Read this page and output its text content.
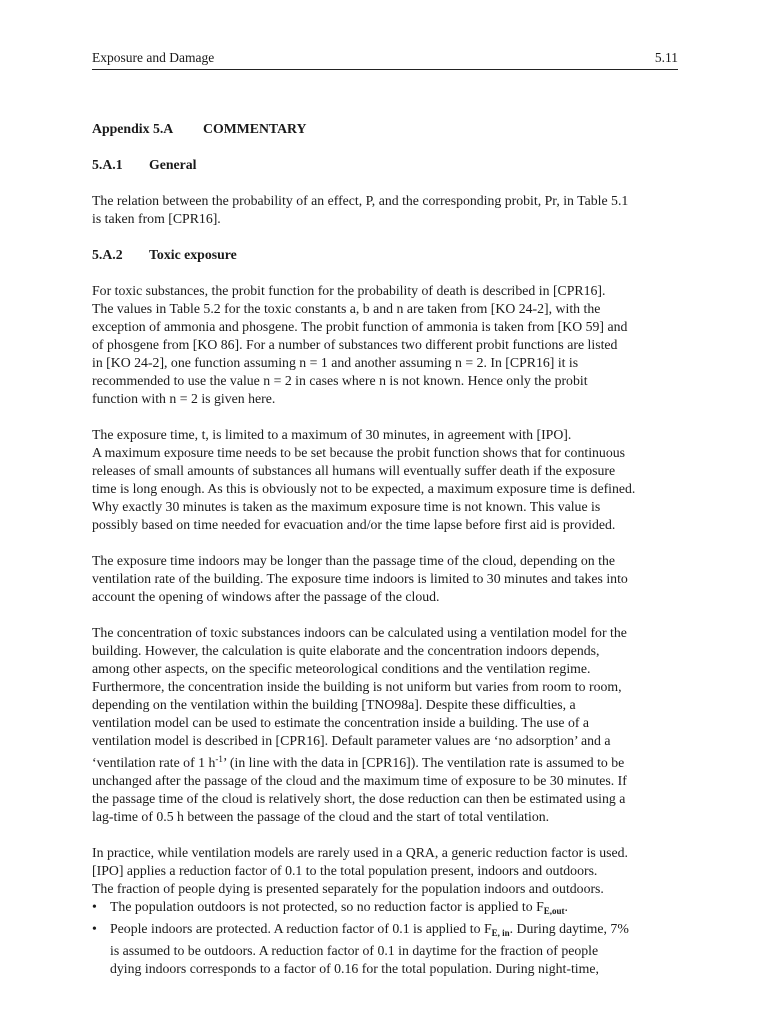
Exposure and Damage	5.11
Appendix 5.A COMMENTARY
5.A.1 General
The relation between the probability of an effect, P, and the corresponding probit, Pr, in Table 5.1
is taken from [CPR16].
5.A.2 Toxic exposure
For toxic substances, the probit function for the probability of death is described in [CPR16].
The values in Table 5.2 for the toxic constants a, b and n are taken from [KO 24-2], with the
exception of ammonia and phosgene. The probit function of ammonia is taken from [KO 59] and
of phosgene from [KO 86]. For a number of substances two different probit functions are listed
in [KO 24-2], one function assuming n = 1 and another assuming n = 2. In [CPR16] it is
recommended to use the value n = 2 in cases where n is not known. Hence only the probit
function with n = 2 is given here.
The exposure time, t, is limited to a maximum of 30 minutes, in agreement with [IPO].
A maximum exposure time needs to be set because the probit function shows that for continuous
releases of small amounts of substances all humans will eventually suffer death if the exposure
time is long enough. As this is obviously not to be expected, a maximum exposure time is defined.
Why exactly 30 minutes is taken as the maximum exposure time is not known. This value is
possibly based on time needed for evacuation and/or the time lapse before first aid is provided.
The exposure time indoors may be longer than the passage time of the cloud, depending on the
ventilation rate of the building. The exposure time indoors is limited to 30 minutes and takes into
account the opening of windows after the passage of the cloud.
The concentration of toxic substances indoors can be calculated using a ventilation model for the
building. However, the calculation is quite elaborate and the concentration indoors depends,
among other aspects, on the specific meteorological conditions and the ventilation regime.
Furthermore, the concentration inside the building is not uniform but varies from room to room,
depending on the ventilation within the building [TNO98a]. Despite these difficulties, a
ventilation model can be used to estimate the concentration inside a building. The use of a
ventilation model is described in [CPR16]. Default parameter values are ‘no adsorption’ and a
‘ventilation rate of 1 $h^{-1}$’ (in line with the data in [CPR16]). The ventilation rate is assumed to be
unchanged after the passage of the cloud and the maximum time of exposure to be 30 minutes. If
the passage time of the cloud is relatively short, the dose reduction can then be estimated using a
lag-time of 0.5 h between the passage of the cloud and the start of total ventilation.
In practice, while ventilation models are rarely used in a QRA, a generic reduction factor is used.
[IPO] applies a reduction factor of 0.1 to the total population present, indoors and outdoors.
The fraction of people dying is presented separately for the population indoors and outdoors.
• The population outdoors is not protected, so no reduction factor is applied to $F_{E,out}$.
• People indoors are protected. A reduction factor of 0.1 is applied to $F_{E, in}$. During daytime, 7%
is assumed to be outdoors. A reduction factor of 0.1 in daytime for the fraction of people
dying indoors corresponds to a factor of 0.16 for the total population. During night-time,
